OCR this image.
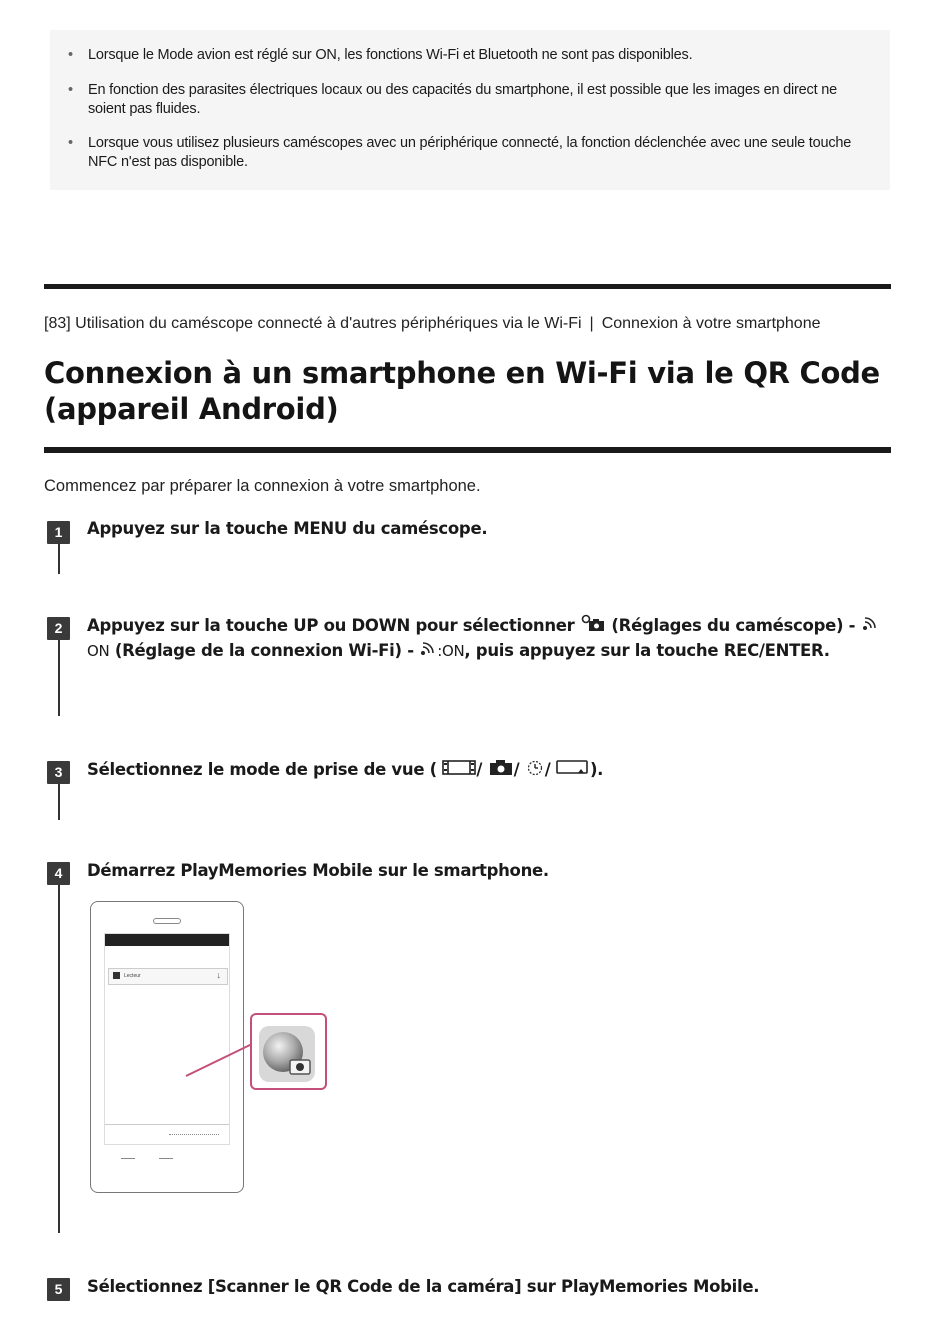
• Lorsque le Mode avion est réglé sur ON, les fonctions Wi-Fi et Bluetooth ne sont pas disponibles.
• En fonction des parasites électriques locaux ou des capacités du smartphone, il est possible que les images en direct ne soient pas fluides.
• Lorsque vous utilisez plusieurs caméscopes avec un périphérique connecté, la fonction déclenchée avec une seule touche NFC n'est pas disponible.
[83] Utilisation du caméscope connecté à d'autres périphériques via le Wi-Fi | Connexion à votre smartphone
Connexion à un smartphone en Wi-Fi via le QR Code (appareil Android)
Commencez par préparer la connexion à votre smartphone.
1	Appuyez sur la touche MENU du caméscope.
2	Appuyez sur la touche UP ou DOWN pour sélectionner (Réglages du caméscope) - ON (Réglage de la connexion Wi-Fi) - :ON, puis appuyez sur la touche REC/ENTER.
3	Sélectionnez le mode de prise de vue ( / / / ).
4	Démarrez PlayMemories Mobile sur le smartphone.
Lecteur	↓
5	Sélectionnez [Scanner le QR Code de la caméra] sur PlayMemories Mobile.
